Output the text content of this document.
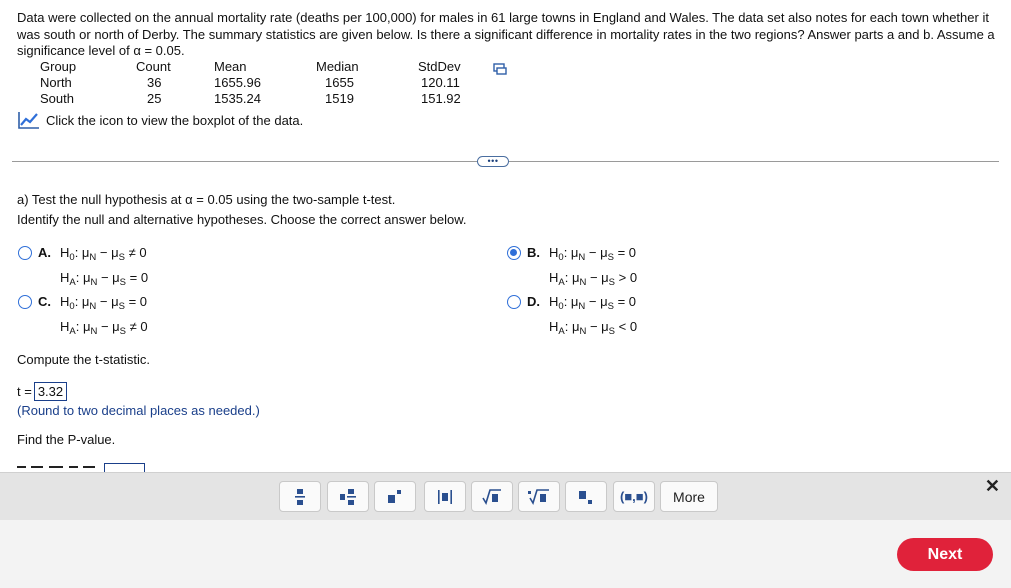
Data were collected on the annual mortality rate (deaths per 100,000) for males in 61 large towns in England and Wales. The data set also notes for each town whether it was south or north of Derby. The summary statistics are given below. Is there a significant difference in mortality rates in the two regions? Answer parts a and b. Assume a significance level of α = 0.05.
Group	Count	Mean	Median	StdDev
North	36	1655.96	1655	120.11
South	25	1535.24	1519	151.92
Click the icon to view the boxplot of the data.
•••
a) Test the null hypothesis at α = 0.05 using the two-sample t-test.
Identify the null and alternative hypotheses. Choose the correct answer below.
A. $H_0$: $\mu_N - \mu_S \ne 0$
$H_A$: $\mu_N - \mu_S = 0$
B. $H_0$: $\mu_N - \mu_S = 0$
$H_A$: $\mu_N - \mu_S > 0$
C. $H_0$: $\mu_N - \mu_S = 0$
$H_A$: $\mu_N - \mu_S \ne 0$
D. $H_0$: $\mu_N - \mu_S = 0$
$H_A$: $\mu_N - \mu_S < 0$
Compute the t-statistic.
t = 3.32
(Round to two decimal places as needed.)
Find the P-value.
(■,■) More
✕
Next
